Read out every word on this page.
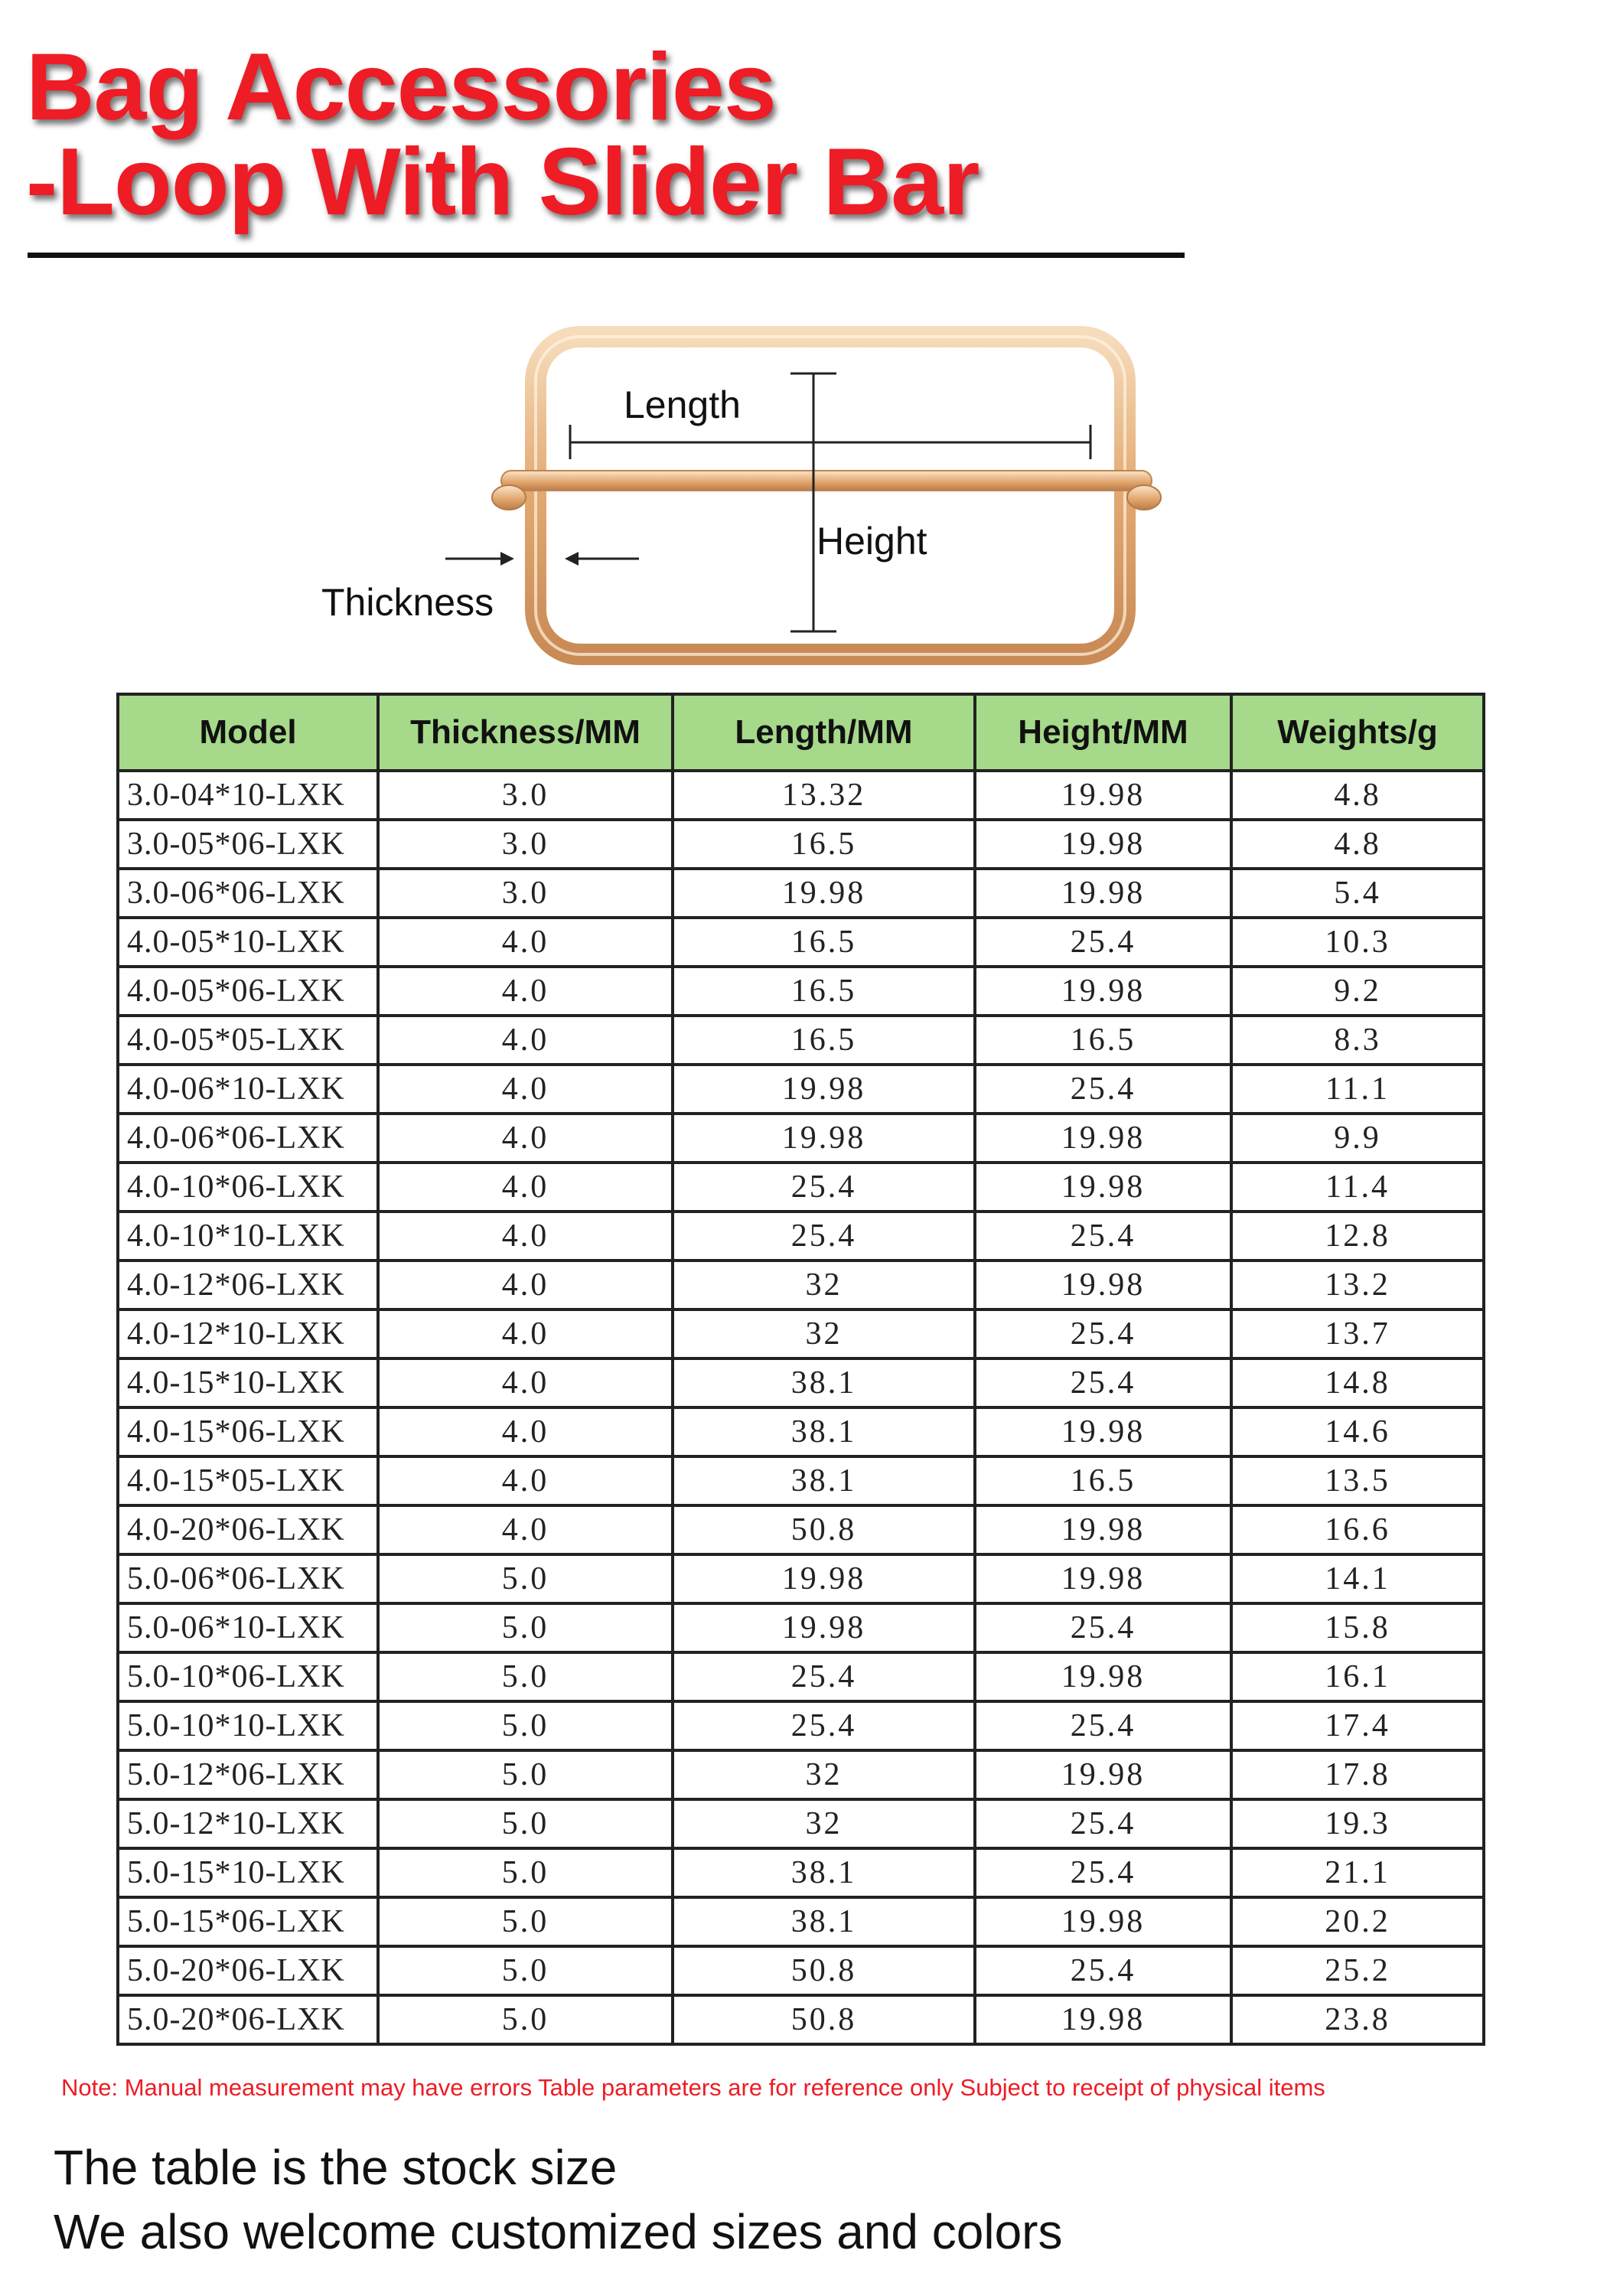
Bag Accessories
-Loop With Slider Bar
Length
Height
Thickness
Model	Thickness/MM	Length/MM	Height/MM	Weights/g
3.0-04*10-LXK	3.0	13.32	19.98	4.8
3.0-05*06-LXK	3.0	16.5	19.98	4.8
3.0-06*06-LXK	3.0	19.98	19.98	5.4
4.0-05*10-LXK	4.0	16.5	25.4	10.3
4.0-05*06-LXK	4.0	16.5	19.98	9.2
4.0-05*05-LXK	4.0	16.5	16.5	8.3
4.0-06*10-LXK	4.0	19.98	25.4	11.1
4.0-06*06-LXK	4.0	19.98	19.98	9.9
4.0-10*06-LXK	4.0	25.4	19.98	11.4
4.0-10*10-LXK	4.0	25.4	25.4	12.8
4.0-12*06-LXK	4.0	32	19.98	13.2
4.0-12*10-LXK	4.0	32	25.4	13.7
4.0-15*10-LXK	4.0	38.1	25.4	14.8
4.0-15*06-LXK	4.0	38.1	19.98	14.6
4.0-15*05-LXK	4.0	38.1	16.5	13.5
4.0-20*06-LXK	4.0	50.8	19.98	16.6
5.0-06*06-LXK	5.0	19.98	19.98	14.1
5.0-06*10-LXK	5.0	19.98	25.4	15.8
5.0-10*06-LXK	5.0	25.4	19.98	16.1
5.0-10*10-LXK	5.0	25.4	25.4	17.4
5.0-12*06-LXK	5.0	32	19.98	17.8
5.0-12*10-LXK	5.0	32	25.4	19.3
5.0-15*10-LXK	5.0	38.1	25.4	21.1
5.0-15*06-LXK	5.0	38.1	19.98	20.2
5.0-20*06-LXK	5.0	50.8	25.4	25.2
5.0-20*06-LXK	5.0	50.8	19.98	23.8
Note: Manual measurement may have errors Table parameters are for reference only Subject to receipt of physical items
The table is the stock size
We also welcome customized sizes and colors
